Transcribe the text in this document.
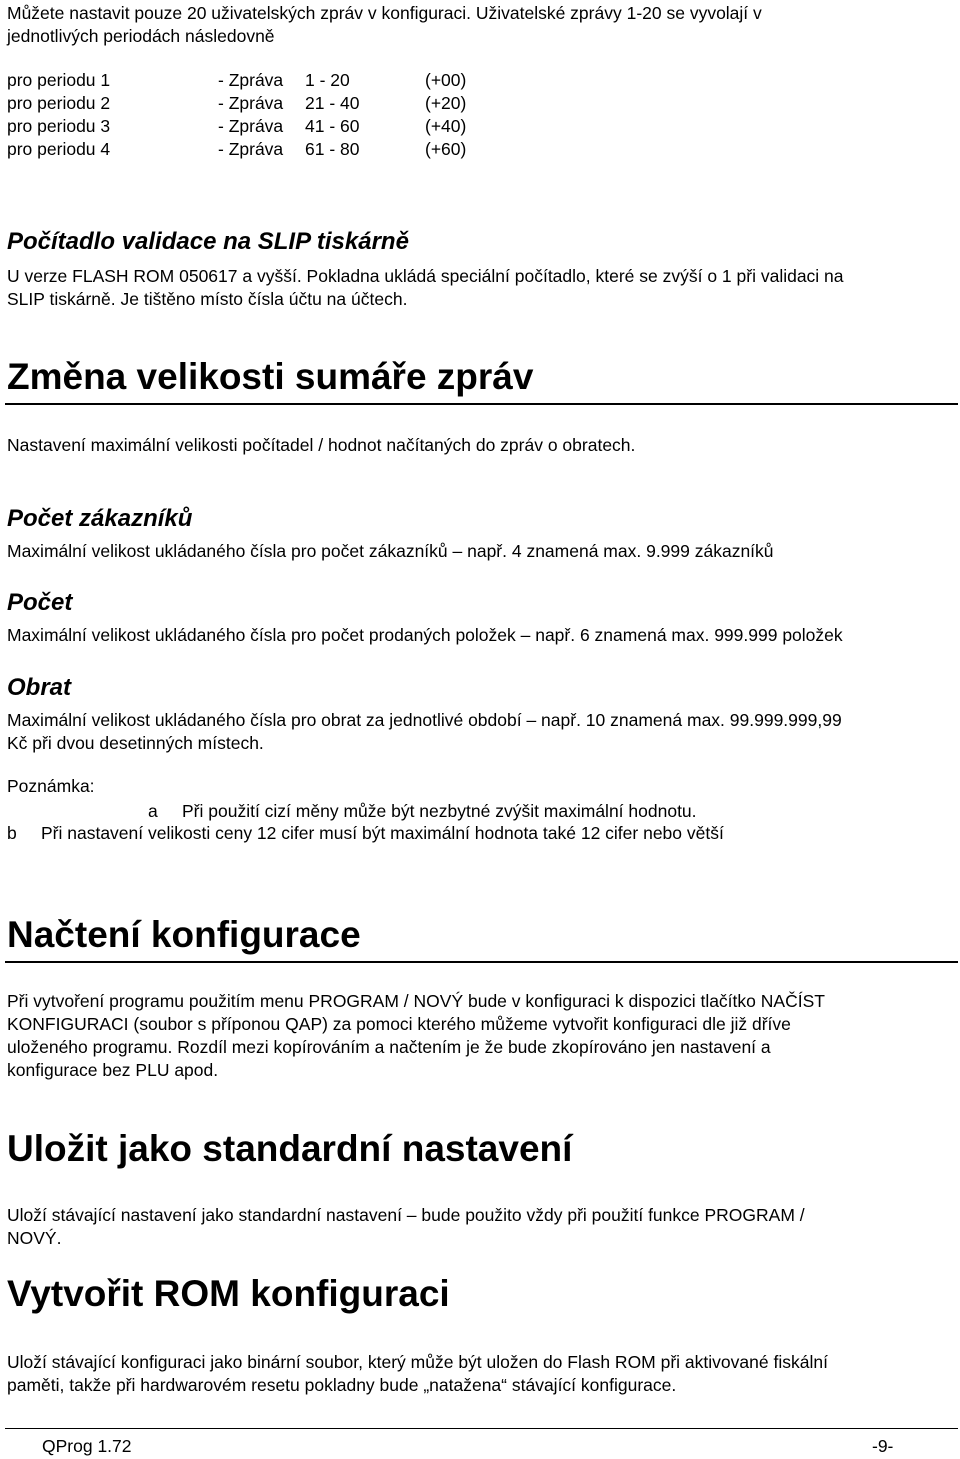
Můžete nastavit pouze 20 uživatelských zpráv v konfiguraci. Uživatelské zprávy 1-20 se vyvolají v

jednotlivých periodách následovně

pro periodu 1	- Zpráva 1 - 20	(+00)
pro periodu 2	- Zpráva 21 - 40	(+20)
pro periodu 3	- Zpráva 41 - 60	(+40)
pro periodu 4	- Zpráva 61 - 80	(+60)
Počítadlo validace na SLIP tiskárně

U verze FLASH ROM 050617 a vyšší. Pokladna ukládá speciální počítadlo, které se zvýší o 1 při validaci na

SLIP tiskárně. Je tištěno místo čísla účtu na účtech.

Změna velikosti sumáře zpráv

Nastavení maximální velikosti počítadel / hodnot načítaných do zpráv o obratech.

Počet zákazníků

Maximální velikost ukládaného čísla pro počet zákazníků – např. 4 znamená max. 9.999 zákazníků

Počet

Maximální velikost ukládaného čísla pro počet prodaných položek – např. 6 znamená max. 999.999 položek

Obrat

Maximální velikost ukládaného čísla pro obrat za jednotlivé období – např. 10 znamená max. 99.999.999,99

Kč při dvou desetinných místech.

Poznámka:

a Při použití cizí měny může být nezbytné zvýšit maximální hodnotu.
b Při nastavení velikosti ceny 12 cifer musí být maximální hodnota také 12 cifer nebo větší
Načtení konfigurace

Při vytvoření programu použitím menu PROGRAM / NOVÝ bude v konfiguraci k dispozici tlačítko NAČÍST

KONFIGURACI (soubor s příponou QAP) za pomoci kterého můžeme vytvořit konfiguraci dle již dříve

uloženého programu. Rozdíl mezi kopírováním a načtením je že bude zkopírováno jen nastavení a

konfigurace bez PLU apod.

Uložit jako standardní nastavení

Uloží stávající nastavení jako standardní nastavení – bude použito vždy při použití funkce PROGRAM /

NOVÝ.

Vytvořit ROM konfiguraci

Uloží stávající konfiguraci jako binární soubor, který může být uložen do Flash ROM při aktivované fiskální

paměti, takže při hardwarovém resetu pokladny bude „natažena“ stávající konfigurace.

QProg 1.72	-9-
